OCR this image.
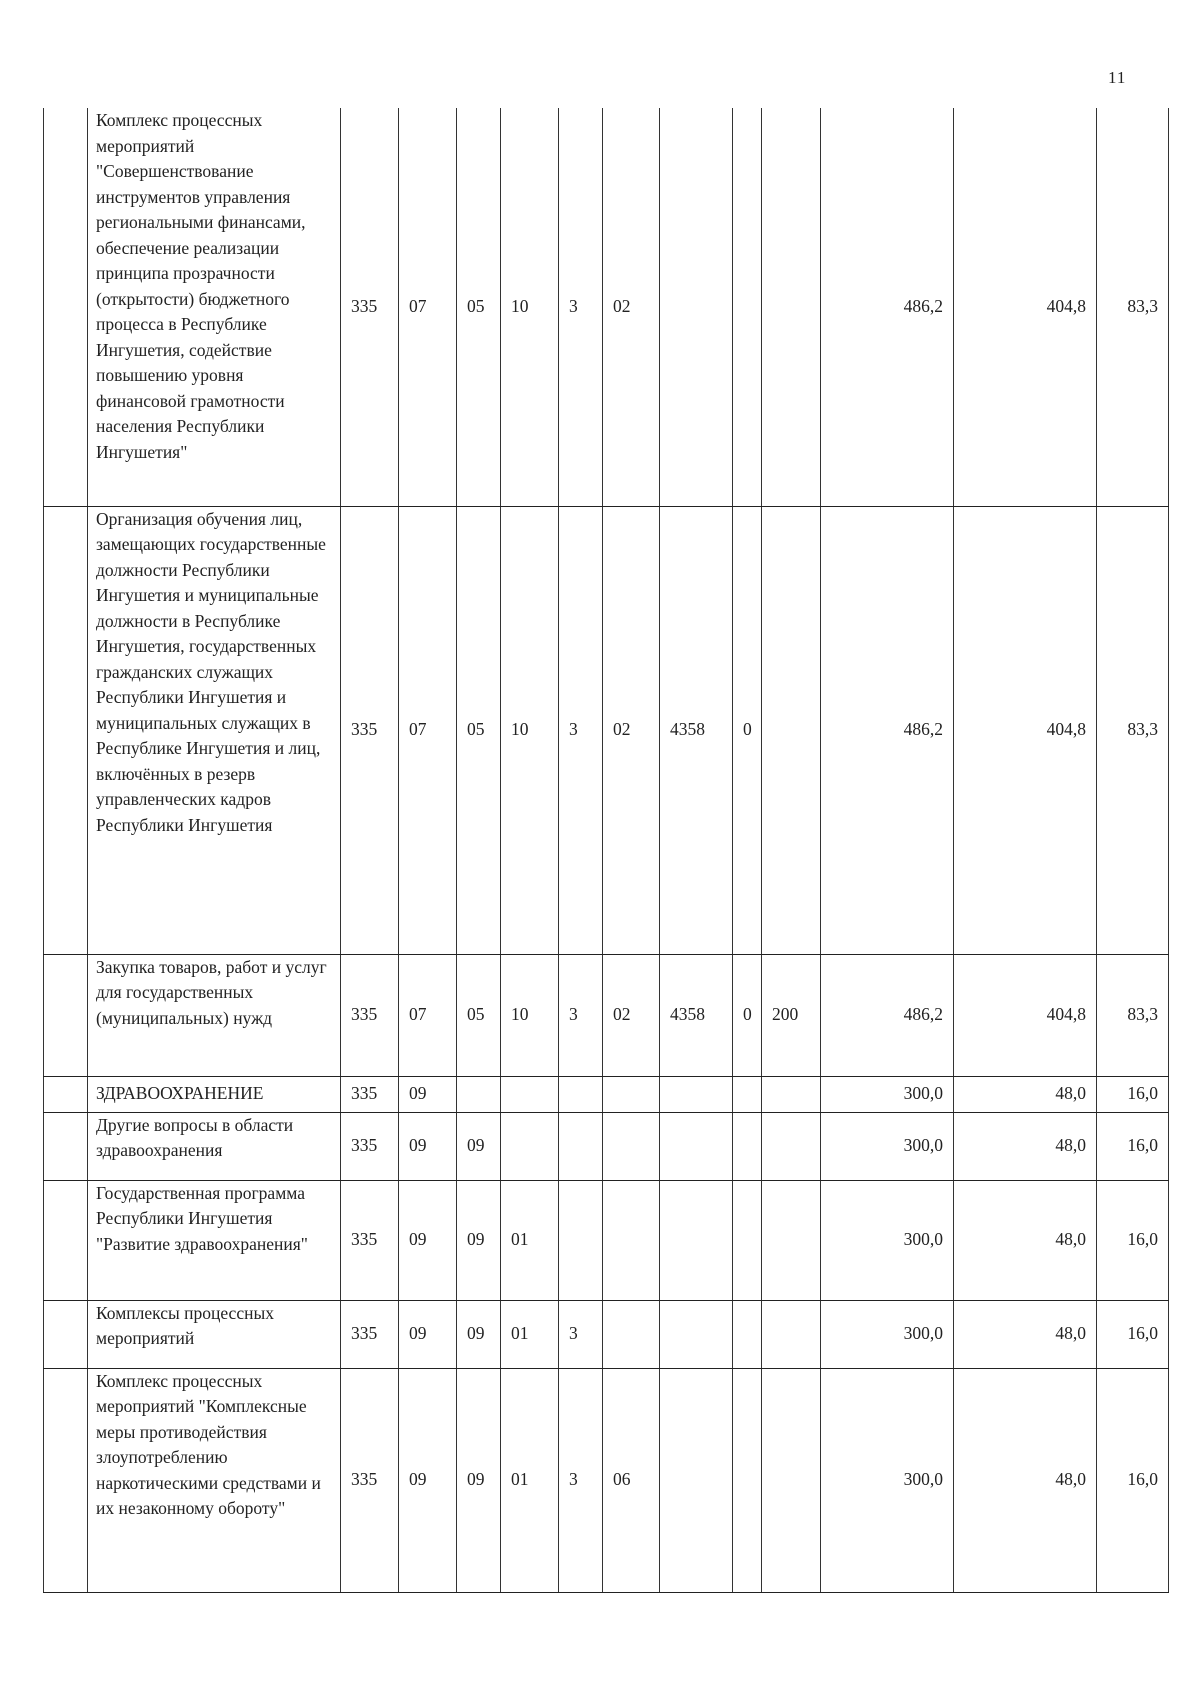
11
	Комплекс процессных мероприятий "Совершенствование инструментов управления региональными финансами, обеспечение реализации принципа прозрачности (открытости) бюджетного процесса в Республике Ингушетия, содействие повышению уровня финансовой грамотности населения Республики Ингушетия"	335	07	05	10	3	02				486,2	404,8	83,3
	Организация обучения лиц, замещающих государственные должности Республики Ингушетия и муниципальные должности в Республике Ингушетия, государственных гражданских служащих Республики Ингушетия и муниципальных служащих в Республике Ингушетия и лиц, включённых в резерв управленческих кадров Республики Ингушетия	335	07	05	10	3	02	4358	0		486,2	404,8	83,3
	Закупка товаров, работ и услуг для государственных (муниципальных) нужд	335	07	05	10	3	02	4358	0	200	486,2	404,8	83,3
	ЗДРАВООХРАНЕНИЕ	335	09								300,0	48,0	16,0
	Другие вопросы в области здравоохранения	335	09	09							300,0	48,0	16,0
	Государственная программа Республики Ингушетия "Развитие здравоохранения"	335	09	09	01						300,0	48,0	16,0
	Комплексы процессных мероприятий	335	09	09	01	3					300,0	48,0	16,0
	Комплекс процессных мероприятий "Комплексные меры противодействия злоупотреблению наркотическими средствами и их незаконному обороту"	335	09	09	01	3	06				300,0	48,0	16,0
